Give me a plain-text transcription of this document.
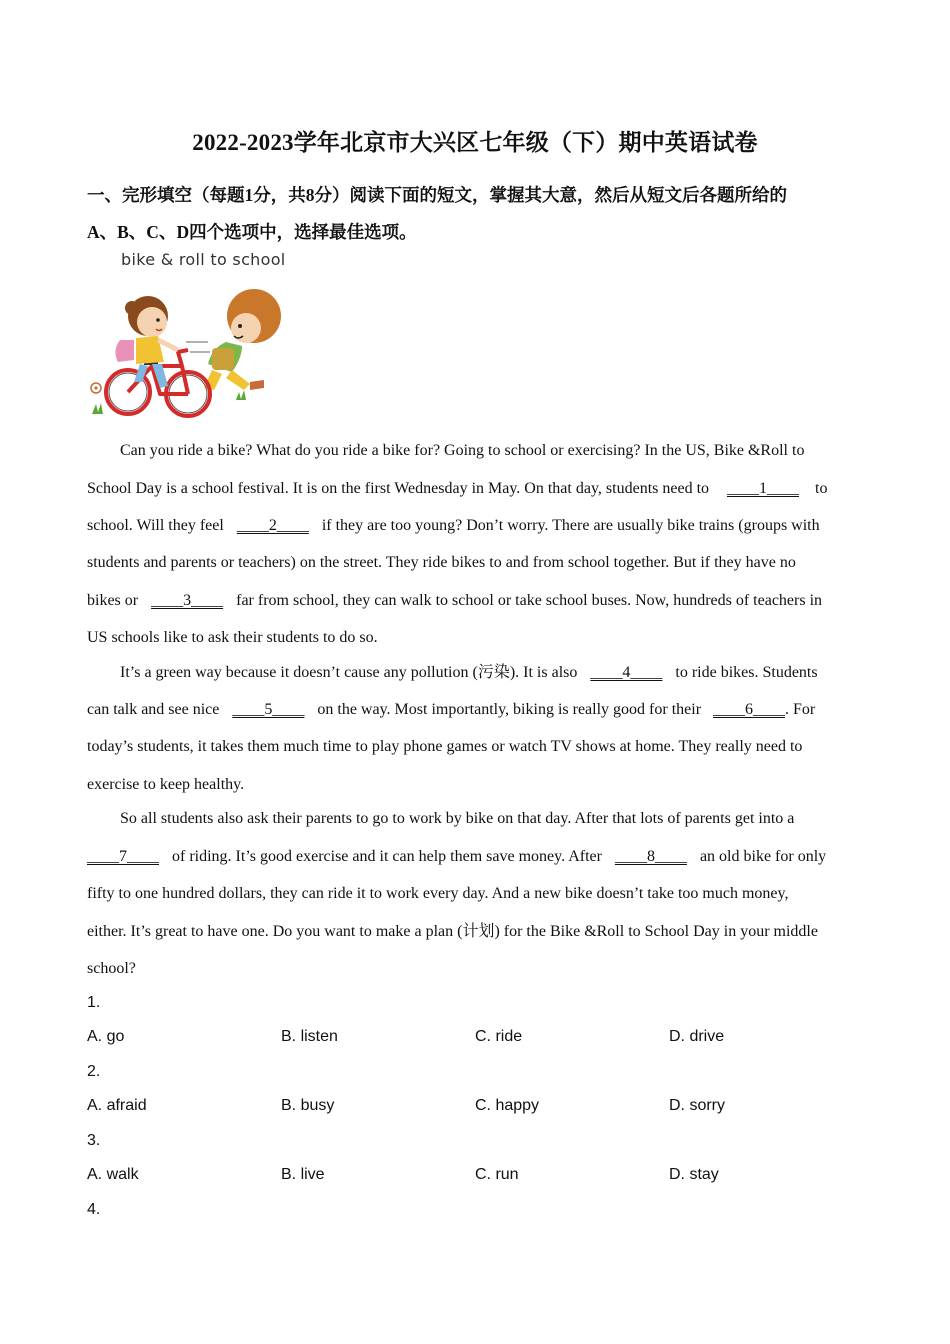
2022-2023学年北京市大兴区七年级（下）期中英语试卷
一、完形填空（每题1分，共8分）阅读下面的短文，掌握其大意，然后从短文后各题所给的
A、B、C、D四个选项中，选择最佳选项。
bike & roll to school
Can you ride a bike? What do you ride a bike for? Going to school or exercising? In the US, Bike &Roll to
School Day is a school festival. It is on the first Wednesday in May. On that day, students need to ____1____ to
school. Will they feel ____2____ if they are too young? Don’t worry. There are usually bike trains (groups with
students and parents or teachers) on the street. They ride bikes to and from school together. But if they have no
bikes or ____3____ far from school, they can walk to school or take school buses. Now, hundreds of teachers in
US schools like to ask their students to do so.
It’s a green way because it doesn’t cause any pollution (污染). It is also ____4____ to ride bikes. Students
can talk and see nice ____5____ on the way. Most importantly, biking is really good for their ____6____. For
today’s students, it takes them much time to play phone games or watch TV shows at home. They really need to
exercise to keep healthy.
So all students also ask their parents to go to work by bike on that day. After that lots of parents get into a
____7____ of riding. It’s good exercise and it can help them save money. After ____8____ an old bike for only
fifty to one hundred dollars, they can ride it to work every day. And a new bike doesn’t take too much money,
either. It’s great to have one. Do you want to make a plan (计划) for the Bike &Roll to School Day in your middle
school?
1.
A. go	B. listen	C. ride	D. drive
2.
A. afraid	B. busy	C. happy	D. sorry
3.
A. walk	B. live	C. run	D. stay
4.
